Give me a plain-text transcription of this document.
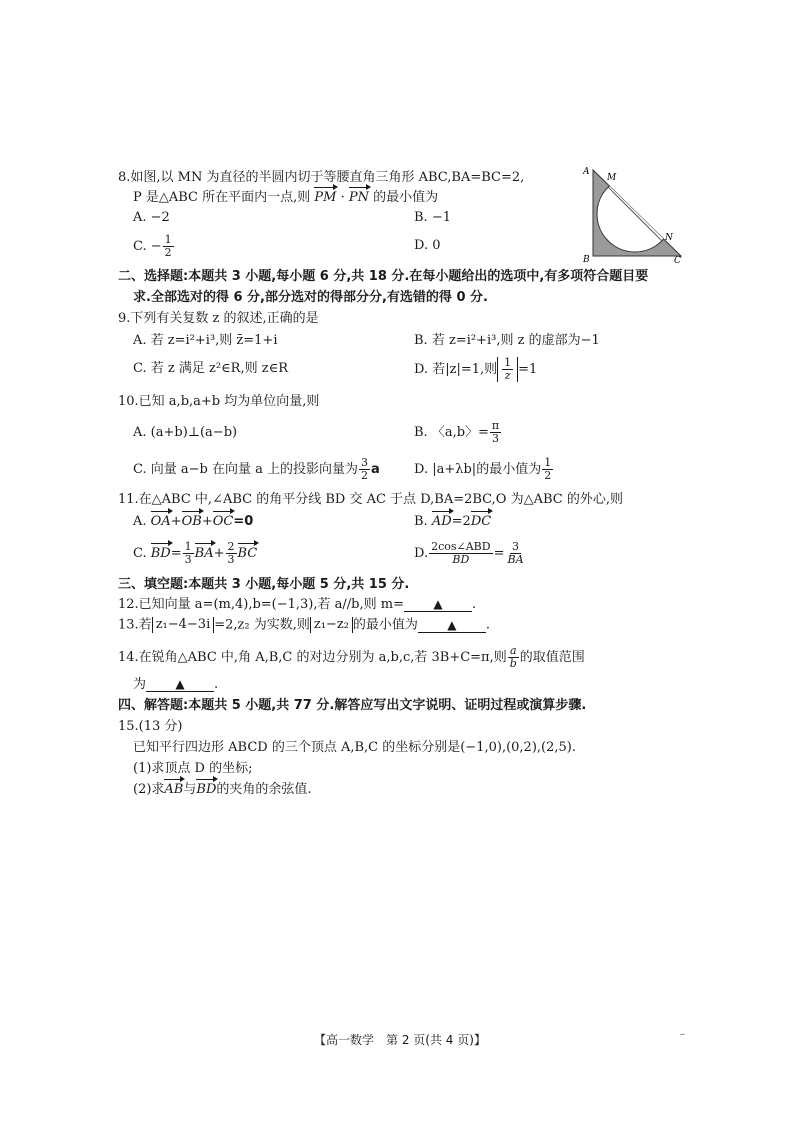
8.如图,以 MN 为直径的半圆内切于等腰直角三角形 ABC,BA=BC=2,
P 是△ABC 所在平面内一点,则 PM · PN 的最小值为
A. −2	B. −1
C. − $\frac{1}{2}$	D. 0
A
M
N
B	C
二、选择题:本题共 3 小题,每小题 6 分,共 18 分.在每小题给出的选项中,有多项符合题目要
求.全部选对的得 6 分,部分选对的得部分分,有选错的得 0 分.
9.下列有关复数 z 的叙述,正确的是
A. 若 z=i²+i³,则 z̄=1+i	B. 若 z=i²+i³,则 z 的虚部为−1
C. 若 z 满足 z²∈R,则 z∈R	D. 若|z|=1,则 $\frac{1}{z} =1$
10.已知 a,b,a+b 均为单位向量,则
A. (a+b)⊥(a−b)	B. 〈a,b〉= $\frac{\pi}{3}$
C. 向量 a−b 在向量 a 上的投影向量为 $\frac{3}{2}$ a	D. |a+λb|的最小值为 $\frac{1}{2}$
11.在△ABC 中,∠ABC 的角平分线 BD 交 AC 于点 D,BA=2BC,O 为△ABC 的外心,则
A. OA+OB+OC=0	B. AD=2DC
C. $BD= \frac{1}{3} BA+ \frac{2}{3}$ BC	D. $\frac{\text{2cos∠ABD}}{BD} = \frac{3}{BA}$
三、填空题:本题共 3 小题,每小题 5 分,共 15 分.
12.已知向量 a=(m,4),b=(−1,3),若 a//b,则 m= ▲ .
13.若 z₁−4−3i =2,z₂ 为实数,则 z₁−z₂ 的最小值为 ▲ .
14.在锐角△ABC 中,角 A,B,C 的对边分别为 a,b,c,若 3B+C=π,则 $\frac{a}{b}$ 的取值范围
为 ▲ .
四、解答题:本题共 5 小题,共 77 分.解答应写出文字说明、证明过程或演算步骤.
15.(13 分)
已知平行四边形 ABCD 的三个顶点 A,B,C 的坐标分别是(−1,0),(0,2),(2,5).
(1)求顶点 D 的坐标;
(2)求AB与BD的夹角的余弦值.
【高一数学　第 2 页(共 4 页)】	–
